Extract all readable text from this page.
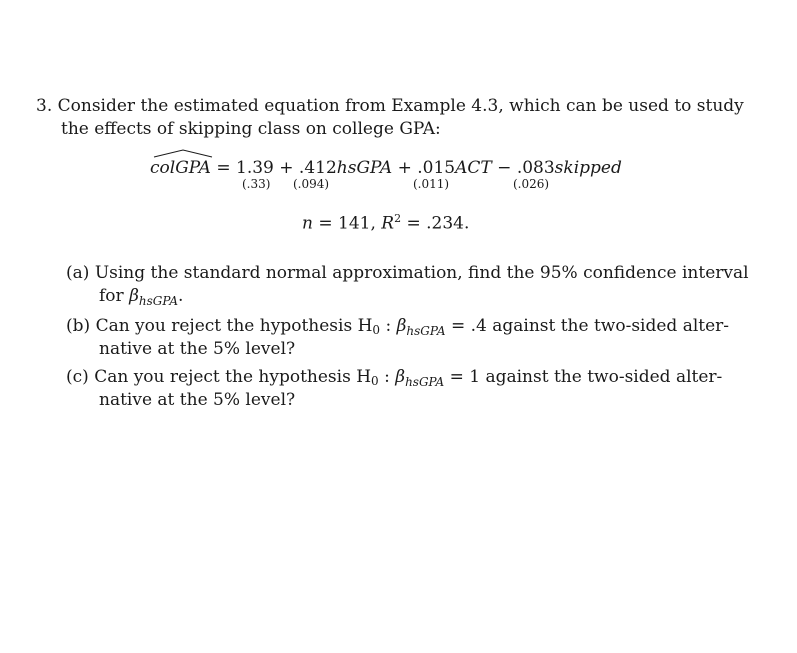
3. Consider the estimated equation from Example 4.3, which can be used to study
the effects of skipping class on college GPA:
colGPA = 1.39 + .412hsGPA + .015ACT − .083skipped
(.33) (.094)	(.011)	(.026)
n = 141, $R^2 = .234$.
(a) Using the standard normal approximation, find the 95% confidence interval
for $\beta_{hsGPA}$.
(b) Can you reject the hypothesis H0 : $\beta_{hsGPA} = .4$ against the two-sided alter-
native at the 5% level?
(c) Can you reject the hypothesis H0 : $\beta_{hsGPA} = 1$ against the two-sided alter-
native at the 5% level?
